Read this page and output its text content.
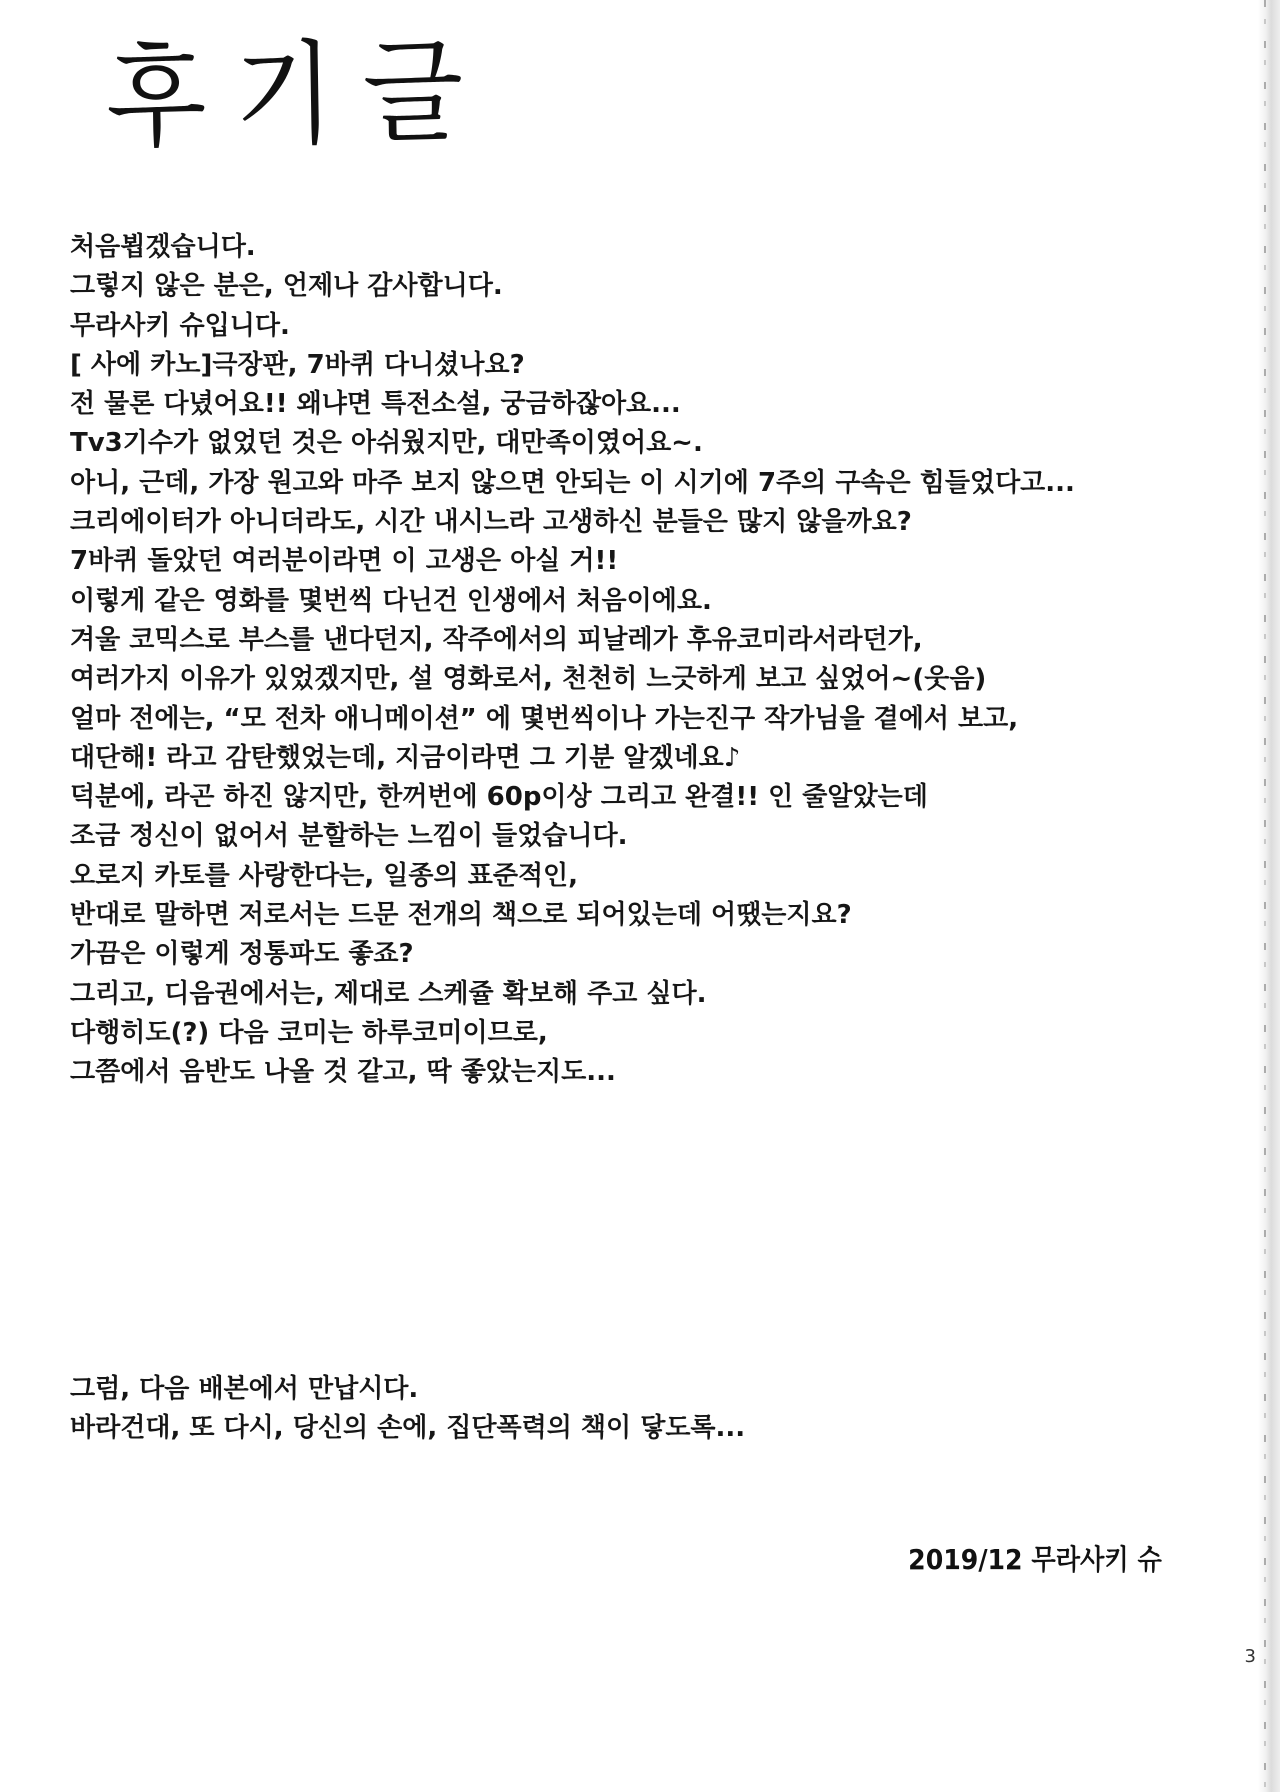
후기글
처음뵙겠습니다.
그렇지 않은 분은, 언제나 감사합니다.
무라사키 슈입니다.
[ 사에 카노]극장판, 7바퀴 다니셨나요?
전 물론 다녔어요!! 왜냐면 특전소설, 궁금하잖아요...
Tv3기수가 없었던 것은 아쉬웠지만, 대만족이였어요~.
아니, 근데, 가장 원고와 마주 보지 않으면 안되는 이 시기에 7주의 구속은 힘들었다고...
크리에이터가 아니더라도, 시간 내시느라 고생하신 분들은 많지 않을까요?
7바퀴 돌았던 여러분이라면 이 고생은 아실 거!!
이렇게 같은 영화를 몇번씩 다닌건 인생에서 처음이에요.
겨울 코믹스로 부스를 낸다던지, 작주에서의 피날레가 후유코미라서라던가,
여러가지 이유가 있었겠지만, 설 영화로서, 천천히 느긋하게 보고 싶었어~(웃음)
얼마 전에는, “모 전차 애니메이션” 에 몇번씩이나 가는진구 작가님을 곁에서 보고,
대단해! 라고 감탄했었는데, 지금이라면 그 기분 알겠네요♪
덕분에, 라곤 하진 않지만, 한꺼번에 60p이상 그리고 완결!! 인 줄알았는데
조금 정신이 없어서 분할하는 느낌이 들었습니다.
오로지 카토를 사랑한다는, 일종의 표준적인,
반대로 말하면 저로서는 드문 전개의 책으로 되어있는데 어땠는지요?
가끔은 이렇게 정통파도 좋죠?
그리고, 디음권에서는, 제대로 스케쥴 확보해 주고 싶다.
다행히도(?) 다음 코미는 하루코미이므로,
그쯤에서 음반도 나올 것 같고, 딱 좋았는지도...
그럼, 다음 배본에서 만납시다.
바라건대, 또 다시, 당신의 손에, 집단폭력의 책이 닿도록...

2019/12 무라사키 슈

3
